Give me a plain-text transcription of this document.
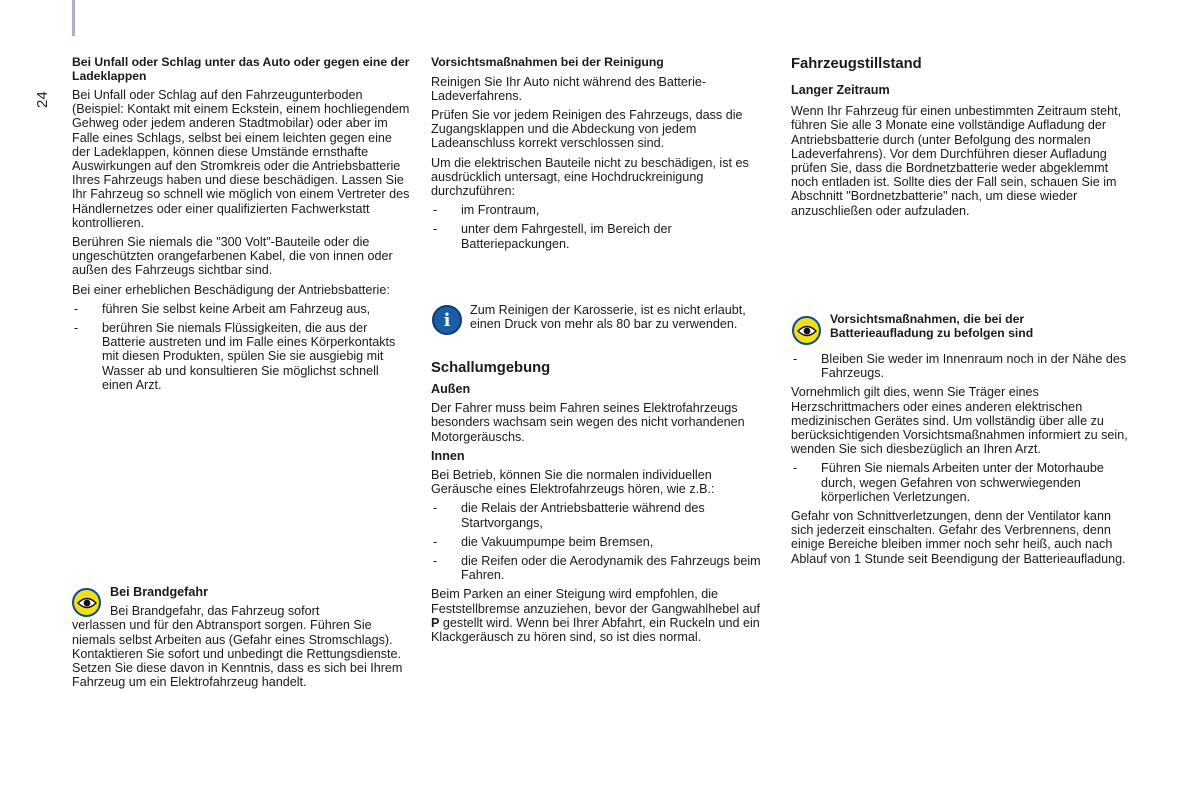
24

Bei Unfall oder Schlag unter das Auto oder gegen eine der Ladeklappen

Bei Unfall oder Schlag auf den Fahrzeugunterboden (Beispiel: Kontakt mit einem Eckstein, einem hochliegendem Gehweg oder jedem anderen Stadtmobilar) oder aber im Falle eines Schlags, selbst bei einem leichten gegen eine der Ladeklappen, können diese Umstände ernsthafte Auswirkungen auf den Stromkreis oder die Antriebsbatterie Ihres Fahrzeugs haben und diese beschädigen. Lassen Sie Ihr Fahrzeug so schnell wie möglich von einem Vertreter des Händlernetzes oder einer qualifizierten Fachwerkstatt kontrollieren.

Berühren Sie niemals die "300 Volt"-Bauteile oder die ungeschützten orangefarbenen Kabel, die von innen oder außen des Fahrzeugs sichtbar sind.

Bei einer erheblichen Beschädigung der Antriebsbatterie:

- führen Sie selbst keine Arbeit am Fahrzeug aus,
- berühren Sie niemals Flüssigkeiten, die aus der Batterie austreten und im Falle eines Körperkontakts mit diesen Produkten, spülen Sie sie ausgiebig mit Wasser ab und konsultieren Sie möglichst schnell einen Arzt.
Bei Brandgefahr
Bei Brandgefahr, das Fahrzeug sofort
verlassen und für den Abtransport sorgen. Führen Sie niemals selbst Arbeiten aus (Gefahr eines Stromschlags). Kontaktieren Sie sofort und unbedingt die Rettungsdienste. Setzen Sie diese davon in Kenntnis, dass es sich bei Ihrem Fahrzeug um ein Elektrofahrzeug handelt.

Vorsichtsmaßnahmen bei der Reinigung

Reinigen Sie Ihr Auto nicht während des Batterie-Ladeverfahrens.

Prüfen Sie vor jedem Reinigen des Fahrzeugs, dass die Zugangsklappen und die Abdeckung von jedem Ladeanschluss korrekt verschlossen sind.

Um die elektrischen Bauteile nicht zu beschädigen, ist es ausdrücklich untersagt, eine Hochdruckreinigung durchzuführen:

- im Frontraum,
- unter dem Fahrgestell, im Bereich der Batteriepackungen.
i	Zum Reinigen der Karosserie, ist es nicht erlaubt, einen Druck von mehr als 80 bar zu verwenden.

Schallumgebung

Außen

Der Fahrer muss beim Fahren seines Elektrofahrzeugs besonders wachsam sein wegen des nicht vorhandenen Motorgeräuschs.

Innen

Bei Betrieb, können Sie die normalen individuellen Geräusche eines Elektrofahrzeugs hören, wie z.B.:

- die Relais der Antriebsbatterie während des Startvorgangs,
- die Vakuumpumpe beim Bremsen,
- die Reifen oder die Aerodynamik des Fahrzeugs beim Fahren.

Beim Parken an einer Steigung wird empfohlen, die Feststellbremse anzuziehen, bevor der Gangwahlhebel auf P gestellt wird. Wenn bei Ihrer Abfahrt, ein Ruckeln und ein Klackgeräusch zu hören sind, so ist dies normal.

Fahrzeugstillstand

Langer Zeitraum

Wenn Ihr Fahrzeug für einen unbestimmten Zeitraum steht, führen Sie alle 3 Monate eine vollständige Aufladung der Antriebsbatterie durch (unter Befolgung des normalen Ladeverfahrens). Vor dem Durchführen dieser Aufladung prüfen Sie, dass die Bordnetzbatterie weder abgeklemmt noch entladen ist. Sollte dies der Fall sein, schauen Sie im Abschnitt "Bordnetzbatterie" nach, um diese wieder anzuschließen oder aufzuladen.

Vorsichtsmaßnahmen, die bei der Batterieaufladung zu befolgen sind
- Bleiben Sie weder im Innenraum noch in der Nähe des Fahrzeugs.

Vornehmlich gilt dies, wenn Sie Träger eines Herzschrittmachers oder eines anderen elektrischen medizinischen Gerätes sind. Um vollständig über alle zu berücksichtigenden Vorsichtsmaßnahmen informiert zu sein, wenden Sie sich diesbezüglich an Ihren Arzt.

- Führen Sie niemals Arbeiten unter der Motorhaube durch, wegen Gefahren von schwerwiegenden körperlichen Verletzungen.

Gefahr von Schnittverletzungen, denn der Ventilator kann sich jederzeit einschalten. Gefahr des Verbrennens, denn einige Bereiche bleiben immer noch sehr heiß, auch nach Ablauf von 1 Stunde seit Beendigung der Batterieaufladung.
